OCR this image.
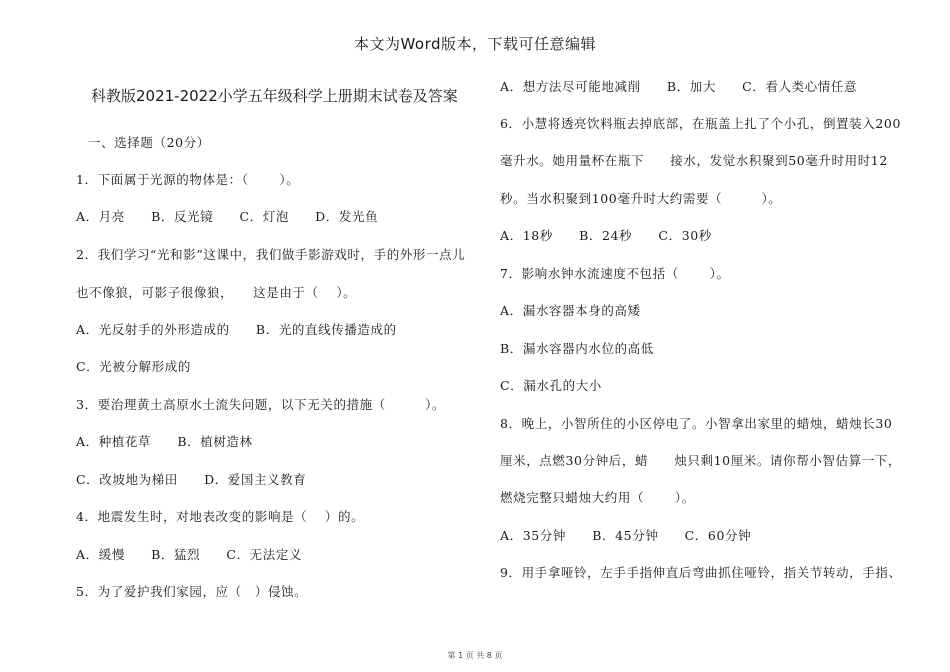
本文为Word版本，下载可任意编辑
科教版2021-2022小学五年级科学上册期末试卷及答案
一、选择题（20分）
1．下面属于光源的物体是：（　　 ）。
A．月亮　　B．反光镜　　C．灯泡　　D．发光鱼
2．我们学习“光和影”这课中，我们做手影游戏时，手的外形一点儿
也不像狼，可影子很像狼，　　这是由于（　 ）。
A．光反射手的外形造成的　　B．光的直线传播造成的
C．光被分解形成的
3．要治理黄土高原水土流失问题，以下无关的措施（　　　）。
A．种植花草　　B．植树造林
C．改坡地为梯田　　D．爱国主义教育
4．地震发生时，对地表改变的影响是（　 ）的。
A．缓慢　　B．猛烈　　C．无法定义
5．为了爱护我们家园，应（　）侵蚀。
A．想方法尽可能地减削　　B．加大　　C．看人类心情任意
6．小慧将透亮饮料瓶去掉底部，在瓶盖上扎了个小孔，倒置装入200
毫升水。她用量杯在瓶下　　接水，发觉水积聚到50毫升时用时12
秒。当水积聚到100毫升时大约需要（　　　）。
A．18秒　　B．24秒　　C．30秒
7．影响水钟水流速度不包括（　　 ）。
A．漏水容器本身的高矮
B．漏水容器内水位的高低
C．漏水孔的大小
8．晚上，小智所住的小区停电了。小智拿出家里的蜡烛，蜡烛长30
厘米，点燃30分钟后，蜡　　烛只剩10厘米。请你帮小智估算一下，
燃烧完整只蜡烛大约用（　　 ）。
A．35分钟　　B．45分钟　　C．60分钟
9．用手拿哑铃，左手手指伸直后弯曲抓住哑铃，指关节转动，手指、
第 1 页 共 8 页
